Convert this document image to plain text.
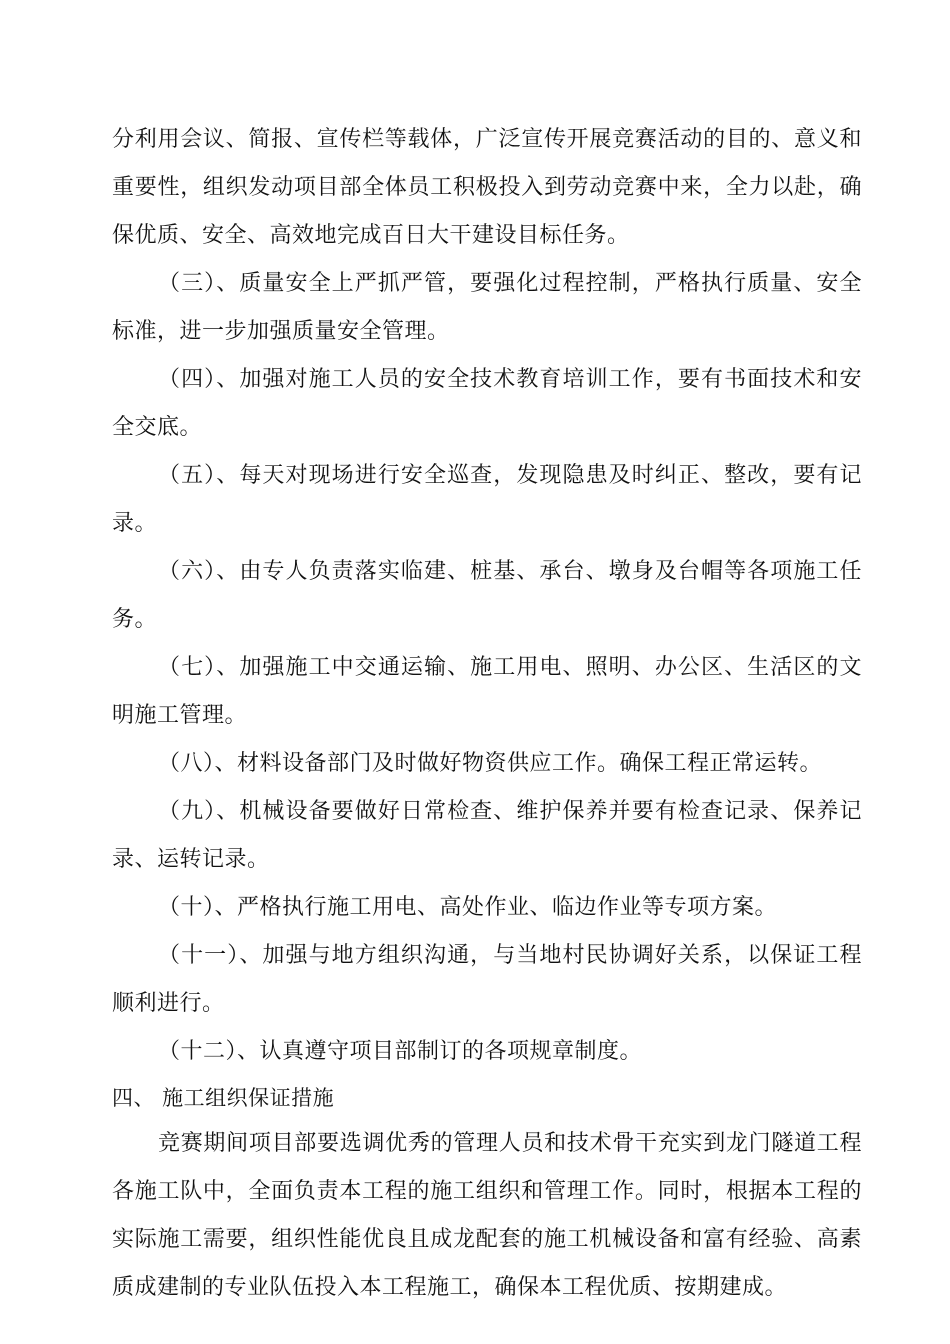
分利用会议、简报、宣传栏等载体，广泛宣传开展竞赛活动的目的、意义和重要性，组织发动项目部全体员工积极投入到劳动竞赛中来，全力以赴，确保优质、安全、高效地完成百日大干建设目标任务。

（三）、质量安全上严抓严管，要强化过程控制，严格执行质量、安全标准，进一步加强质量安全管理。

（四）、加强对施工人员的安全技术教育培训工作，要有书面技术和安全交底。

（五）、每天对现场进行安全巡查，发现隐患及时纠正、整改，要有记录。

（六）、由专人负责落实临建、桩基、承台、墩身及台帽等各项施工任务。

（七）、加强施工中交通运输、施工用电、照明、办公区、生活区的文明施工管理。

（八）、材料设备部门及时做好物资供应工作。确保工程正常运转。

（九）、机械设备要做好日常检查、维护保养并要有检查记录、保养记录、运转记录。

（十）、严格执行施工用电、高处作业、临边作业等专项方案。

（十一）、加强与地方组织沟通，与当地村民协调好关系，以保证工程顺利进行。

（十二）、认真遵守项目部制订的各项规章制度。

四、 施工组织保证措施

竞赛期间项目部要选调优秀的管理人员和技术骨干充实到龙门隧道工程各施工队中，全面负责本工程的施工组织和管理工作。同时，根据本工程的实际施工需要，组织性能优良且成龙配套的施工机械设备和富有经验、高素质成建制的专业队伍投入本工程施工，确保本工程优质、按期建成。
